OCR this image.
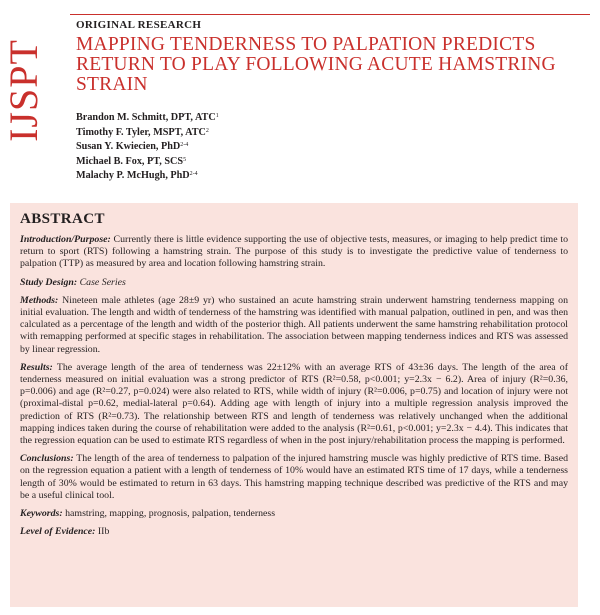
IJSPT
ORIGINAL RESEARCH
MAPPING TENDERNESS TO PALPATION PREDICTS RETURN TO PLAY FOLLOWING ACUTE HAMSTRING STRAIN
Brandon M. Schmitt, DPT, ATC$^1$
Timothy F. Tyler, MSPT, ATC$^2$
Susan Y. Kwiecien, PhD$^{2-4}$
Michael B. Fox, PT, SCS$^5$
Malachy P. McHugh, PhD$^{2-4}$
ABSTRACT

Introduction/Purpose: Currently there is little evidence supporting the use of objective tests, measures, or imaging to help predict time to return to sport (RTS) following a hamstring strain. The purpose of this study is to investigate the predictive value of tenderness to palpation (TTP) as measured by area and location following hamstring strain.

Study Design: Case Series

Methods: Nineteen male athletes (age 28±9 yr) who sustained an acute hamstring strain underwent hamstring tenderness mapping on initial evaluation. The length and width of tenderness of the hamstring was identified with manual palpation, outlined in pen, and was then calculated as a percentage of the length and width of the posterior thigh. All patients underwent the same hamstring rehabilitation protocol with remapping performed at specific stages in rehabilitation. The association between mapping tenderness indices and RTS was assessed by linear regression.

Results: The average length of the area of tenderness was 22±12% with an average RTS of 43±36 days. The length of the area of tenderness measured on initial evaluation was a strong predictor of RTS (R²=0.58, p<0.001; y=2.3x − 6.2). Area of injury (R²=0.36, p=0.006) and age (R²=0.27, p=0.024) were also related to RTS, while width of injury (R²=0.006, p=0.75) and location of injury were not (proximal-distal p=0.62, medial-lateral p=0.64). Adding age with length of injury into a multiple regression analysis improved the prediction of RTS (R²=0.73). The relationship between RTS and length of tenderness was relatively unchanged when the additional mapping indices taken during the course of rehabilitation were added to the analysis (R²=0.61, p<0.001; y=2.3x − 4.4). This indicates that the regression equation can be used to estimate RTS regardless of when in the post injury/rehabilitation process the mapping is performed.

Conclusions: The length of the area of tenderness to palpation of the injured hamstring muscle was highly predictive of RTS time. Based on the regression equation a patient with a length of tenderness of 10% would have an estimated RTS time of 17 days, while a tenderness length of 30% would be estimated to return in 63 days. This hamstring mapping technique described was predictive of the RTS and may be a useful clinical tool.

Keywords: hamstring, mapping, prognosis, palpation, tenderness

Level of Evidence: IIb
